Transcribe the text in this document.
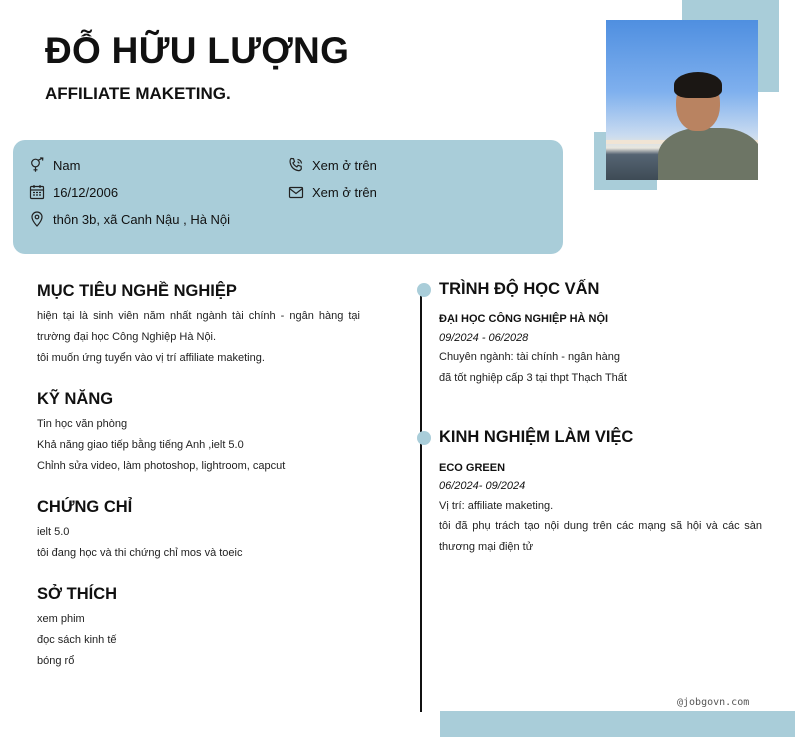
ĐỖ HỮU LƯỢNG
AFFILIATE MAKETING.
Nam
16/12/2006
thôn 3b, xã Canh Nậu , Hà Nội
Xem ở trên
Xem ở trên
MỤC TIÊU NGHỀ NGHIỆP
hiện tại là sinh viên năm nhất ngành tài chính - ngân hàng tại
trường đại học Công Nghiệp Hà Nội.
tôi muốn ứng tuyển vào vị trí affiliate maketing.
KỸ NĂNG
Tin học văn phòng
Khả năng giao tiếp bằng tiếng Anh ,ielt 5.0
Chỉnh sửa video, làm photoshop, lightroom, capcut
CHỨNG CHỈ
ielt 5.0
tôi đang học và thi chứng chỉ mos và toeic
SỞ THÍCH
xem phim
đọc sách kinh tế
bóng rổ
TRÌNH ĐỘ HỌC VẤN
ĐẠI HỌC CÔNG NGHIỆP HÀ NỘI
09/2024 - 06/2028
Chuyên ngành: tài chính - ngân hàng
đã tốt nghiệp cấp 3 tại thpt Thạch Thất
KINH NGHIỆM LÀM VIỆC
ECO GREEN
06/2024- 09/2024
Vị trí: affiliate maketing.
tôi đã phụ trách tạo nội dung trên các mạng sã hội và các sàn
thương mại điện tử
@jobgovn.com
